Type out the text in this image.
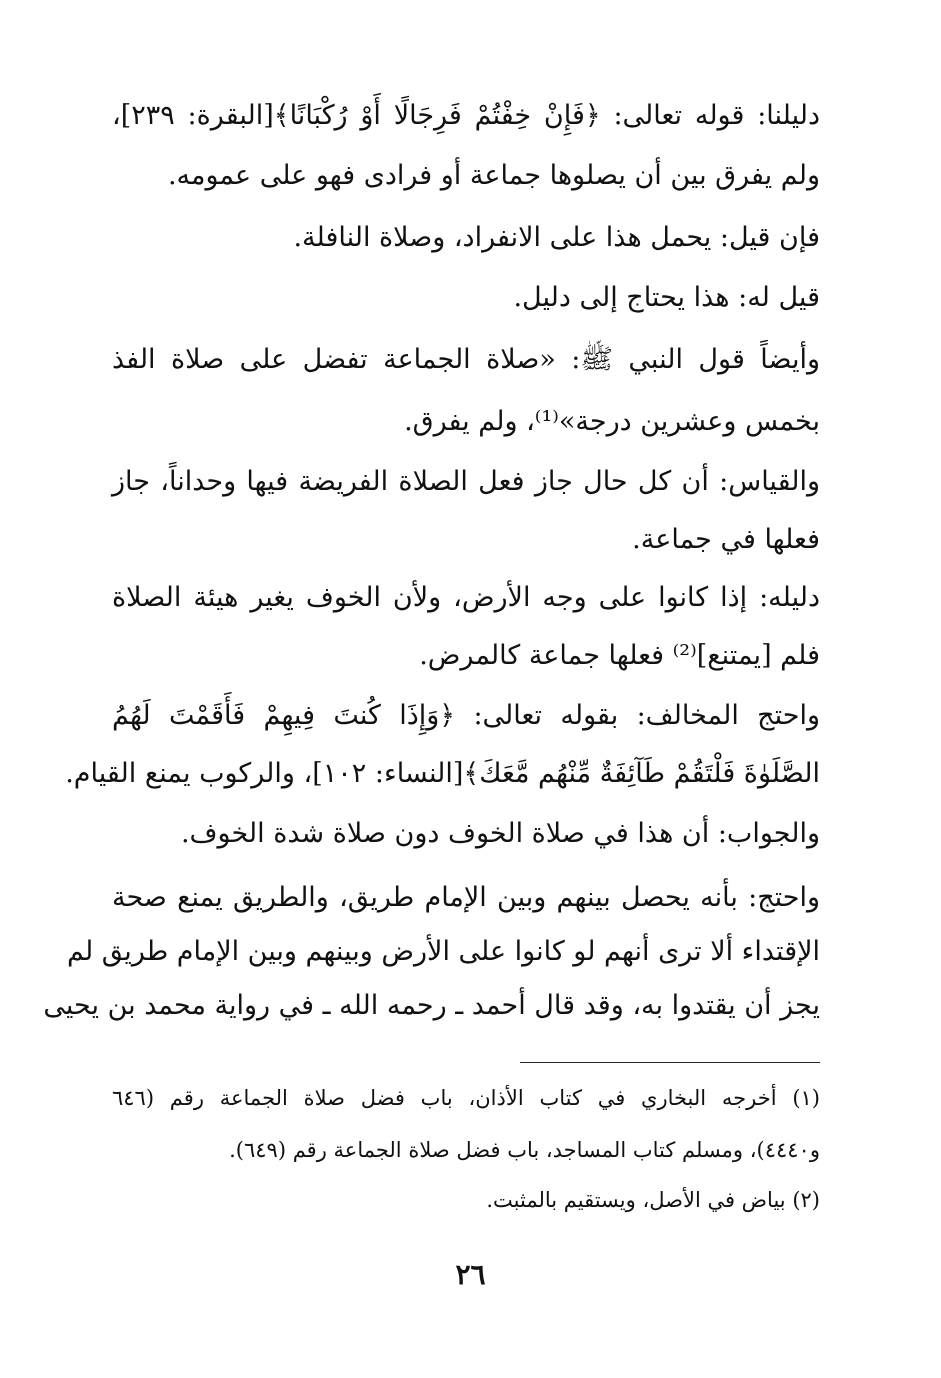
دليلنا: قوله تعالى: ﴿فَإِنْ خِفْتُمْ فَرِجَالًا أَوْ رُكْبَانًا﴾[البقرة: ٢٣٩]،
ولم يفرق بين أن يصلوها جماعة أو فرادى فهو على عمومه.
فإن قيل: يحمل هذا على الانفراد، وصلاة النافلة.
قيل له: هذا يحتاج إلى دليل.
وأيضاً قول النبي ﷺ: «صلاة الجماعة تفضل على صلاة الفذ
بخمس وعشرين درجة»⁽¹⁾، ولم يفرق.
والقياس: أن كل حال جاز فعل الصلاة الفريضة فيها وحداناً، جاز
فعلها في جماعة.
دليله: إذا كانوا على وجه الأرض، ولأن الخوف يغير هيئة الصلاة
فلم [يمتنع]⁽²⁾ فعلها جماعة كالمرض.
واحتج المخالف: بقوله تعالى: ﴿وَإِذَا كُنتَ فِيهِمْ فَأَقَمْتَ لَهُمُ
الصَّلَوٰةَ فَلْتَقُمْ طَآئِفَةٌ مِّنْهُم مَّعَكَ﴾[النساء: ١٠٢]، والركوب يمنع القيام.
والجواب: أن هذا في صلاة الخوف دون صلاة شدة الخوف.
واحتج: بأنه يحصل بينهم وبين الإمام طريق، والطريق يمنع صحة
الإقتداء ألا ترى أنهم لو كانوا على الأرض وبينهم وبين الإمام طريق لم
يجز أن يقتدوا به، وقد قال أحمد ـ رحمه الله ـ في رواية محمد بن يحيى
(١) أخرجه البخاري في كتاب الأذان، باب فضل صلاة الجماعة رقم (٦٤٦
و٤٤٤٠)، ومسلم كتاب المساجد، باب فضل صلاة الجماعة رقم (٦٤٩).
(٢) بياض في الأصل، ويستقيم بالمثبت.
٢٦
